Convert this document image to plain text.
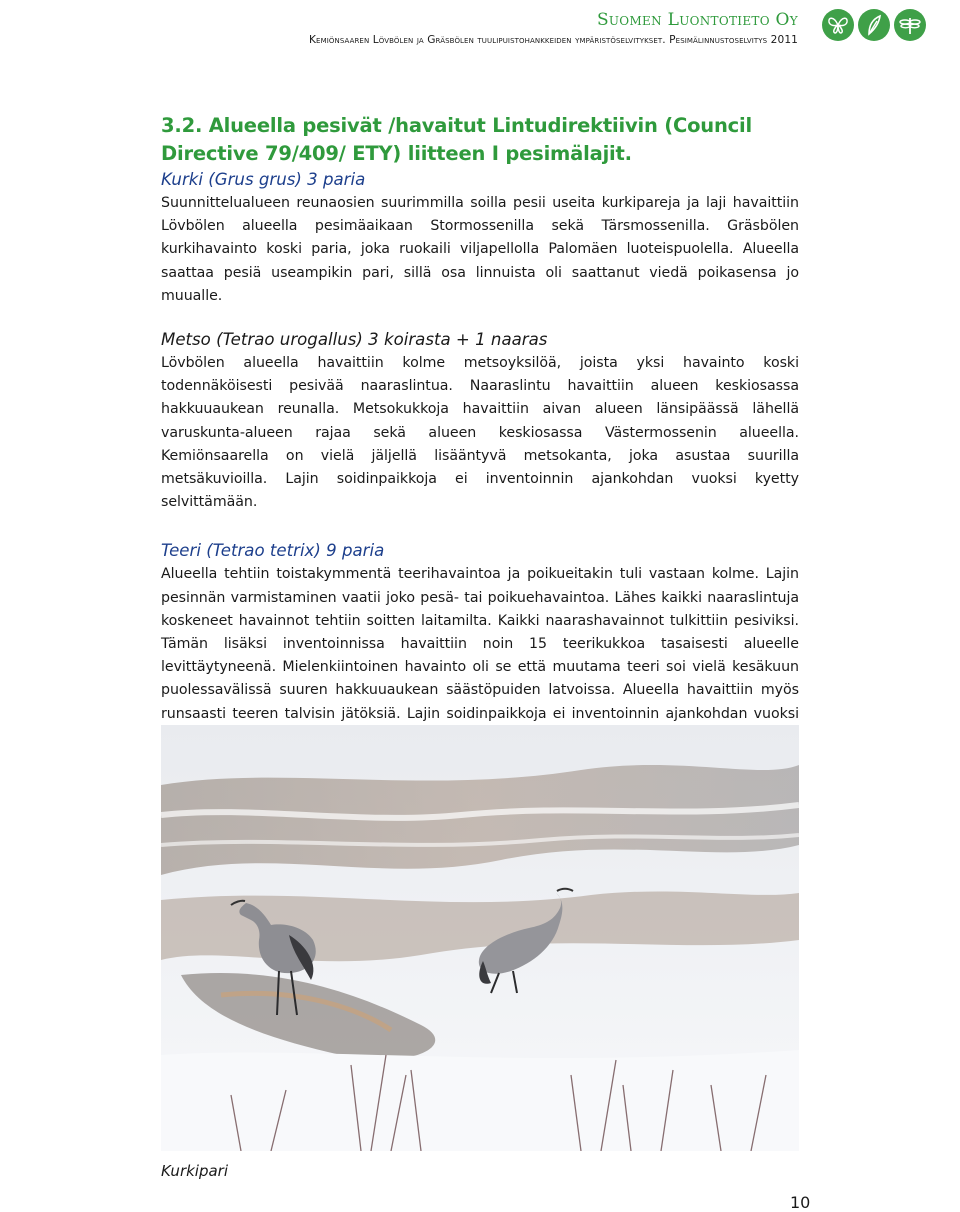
Suomen Luontotieto Oy
Kemiönsaaren Lövbölen ja Gräsbölen tuulipuistohankkeiden ympäristöselvitykset. Pesimälinnustoselvitys 2011
3.2. Alueella pesivät /havaitut Lintudirektiivin (Council Directive 79/409/ ETY) liitteen I pesimälajit.
Kurki (Grus grus) 3 paria

Suunnittelualueen reunaosien suurimmilla soilla pesii useita kurkipareja ja laji havaittiin Lövbölen alueella pesimäaikaan Stormossenilla sekä Tärsmossenilla. Gräsbölen kurkihavainto koski paria, joka ruokaili viljapellolla Palomäen luoteispuolella. Alueella saattaa pesiä useampikin pari, sillä osa linnuista oli saattanut viedä poikasensa jo muualle.

Metso (Tetrao urogallus) 3 koirasta + 1 naaras

Lövbölen alueella havaittiin kolme metsoyksilöä, joista yksi havainto koski todennäköisesti pesivää naaraslintua. Naaraslintu havaittiin alueen keskiosassa hakkuuaukean reunalla. Metsokukkoja havaittiin aivan alueen länsipäässä lähellä varuskunta-alueen rajaa sekä alueen keskiosassa Västermossenin alueella. Kemiönsaarella on vielä jäljellä lisääntyvä metsokanta, joka asustaa suurilla metsäkuvioilla. Lajin soidinpaikkoja ei inventoinnin ajankohdan vuoksi kyetty selvittämään.

Teeri (Tetrao tetrix) 9 paria

Alueella tehtiin toistakymmentä teerihavaintoa ja poikueitakin tuli vastaan kolme. Lajin pesinnän varmistaminen vaatii joko pesä- tai poikuehavaintoa. Lähes kaikki naaraslintuja koskeneet havainnot tehtiin soitten laitamilta. Kaikki naarashavainnot tulkittiin pesiviksi. Tämän lisäksi inventoinnissa havaittiin noin 15 teerikukkoa tasaisesti alueelle levittäytyneenä. Mielenkiintoinen havainto oli se että muutama teeri soi vielä kesäkuun puolessavälissä suuren hakkuuaukean säästöpuiden latvoissa. Alueella havaittiin myös runsaasti teeren talvisin jätöksiä. Lajin soidinpaikkoja ei inventoinnin ajankohdan vuoksi

Kurkipari
10
